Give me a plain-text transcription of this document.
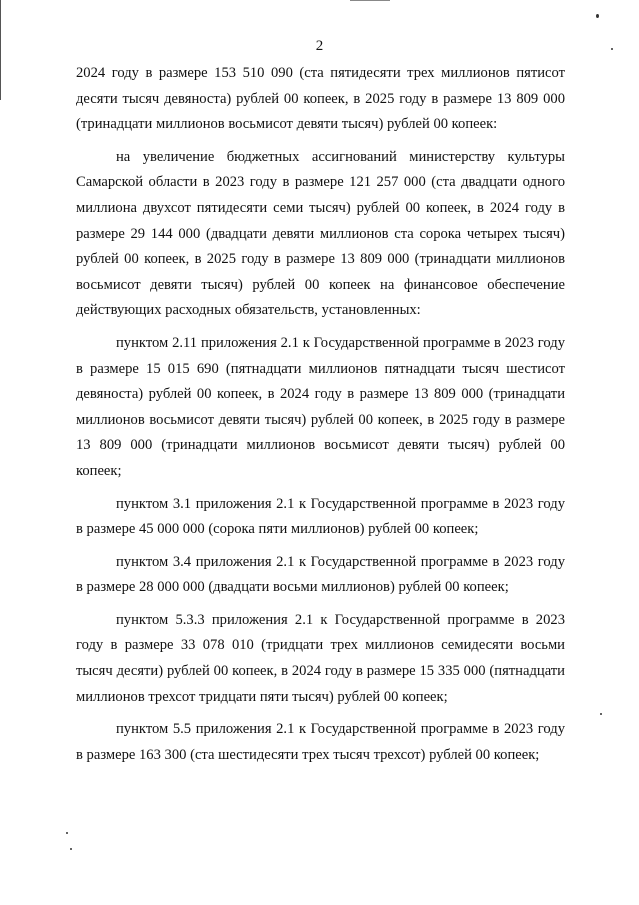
2

2024 году в размере 153 510 090 (ста пятидесяти трех миллионов пятисот десяти тысяч девяноста) рублей 00 копеек, в 2025 году в размере 13 809 000 (тринадцати миллионов восьмисот девяти тысяч) рублей 00 копеек:

на увеличение бюджетных ассигнований министерству культуры Самарской области в 2023 году в размере 121 257 000 (ста двадцати одного миллиона двухсот пятидесяти семи тысяч) рублей 00 копеек, в 2024 году в размере 29 144 000 (двадцати девяти миллионов ста сорока четырех тысяч) рублей 00 копеек, в 2025 году в размере 13 809 000 (тринадцати миллионов восьмисот девяти тысяч) рублей 00 копеек на финансовое обеспечение действующих расходных обязательств, установленных:

пунктом 2.11 приложения 2.1 к Государственной программе в 2023 году в размере 15 015 690 (пятнадцати миллионов пятнадцати тысяч шестисот девяноста) рублей 00 копеек, в 2024 году в размере 13 809 000 (тринадцати миллионов восьмисот девяти тысяч) рублей 00 копеек, в 2025 году в размере 13 809 000 (тринадцати миллионов восьмисот девяти тысяч) рублей 00 копеек;

пунктом 3.1 приложения 2.1 к Государственной программе в 2023 году в размере 45 000 000 (сорока пяти миллионов) рублей 00 копеек;

пунктом 3.4 приложения 2.1 к Государственной программе в 2023 году в размере 28 000 000 (двадцати восьми миллионов) рублей 00 копеек;

пунктом 5.3.3 приложения 2.1 к Государственной программе в 2023 году в размере 33 078 010 (тридцати трех миллионов семидесяти восьми тысяч десяти) рублей 00 копеек, в 2024 году в размере 15 335 000 (пятнадцати миллионов трехсот тридцати пяти тысяч) рублей 00 копеек;

пунктом 5.5 приложения 2.1 к Государственной программе в 2023 году в размере 163 300 (ста шестидесяти трех тысяч трехсот) рублей 00 копеек;
